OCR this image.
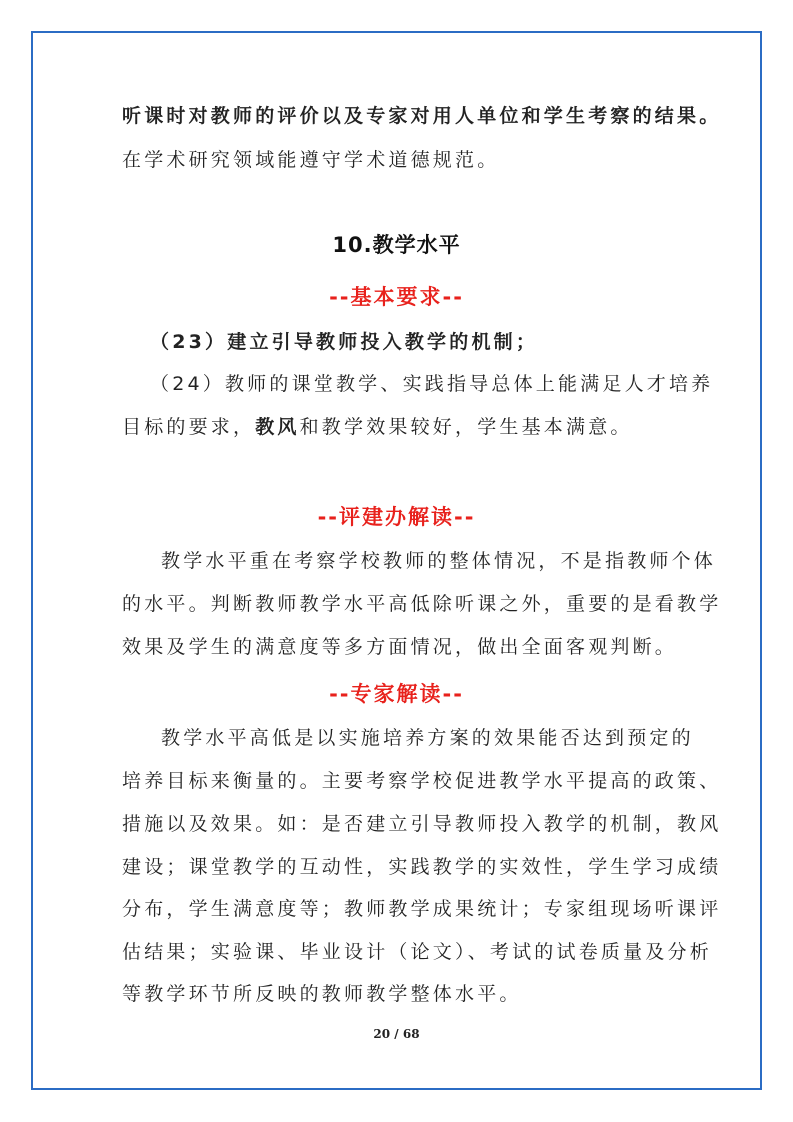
听课时对教师的评价以及专家对用人单位和学生考察的结果。
在学术研究领域能遵守学术道德规范。
10.教学水平
--基本要求--
（23）建立引导教师投入教学的机制；
（24）教师的课堂教学、实践指导总体上能满足人才培养
目标的要求，教风和教学效果较好，学生基本满意。
--评建办解读--
教学水平重在考察学校教师的整体情况，不是指教师个体
的水平。判断教师教学水平高低除听课之外，重要的是看教学
效果及学生的满意度等多方面情况，做出全面客观判断。
--专家解读--
教学水平高低是以实施培养方案的效果能否达到预定的
培养目标来衡量的。主要考察学校促进教学水平提高的政策、
措施以及效果。如：是否建立引导教师投入教学的机制，教风
建设；课堂教学的互动性，实践教学的实效性，学生学习成绩
分布，学生满意度等；教师教学成果统计；专家组现场听课评
估结果；实验课、毕业设计（论文）、考试的试卷质量及分析
等教学环节所反映的教师教学整体水平。
20 / 68
